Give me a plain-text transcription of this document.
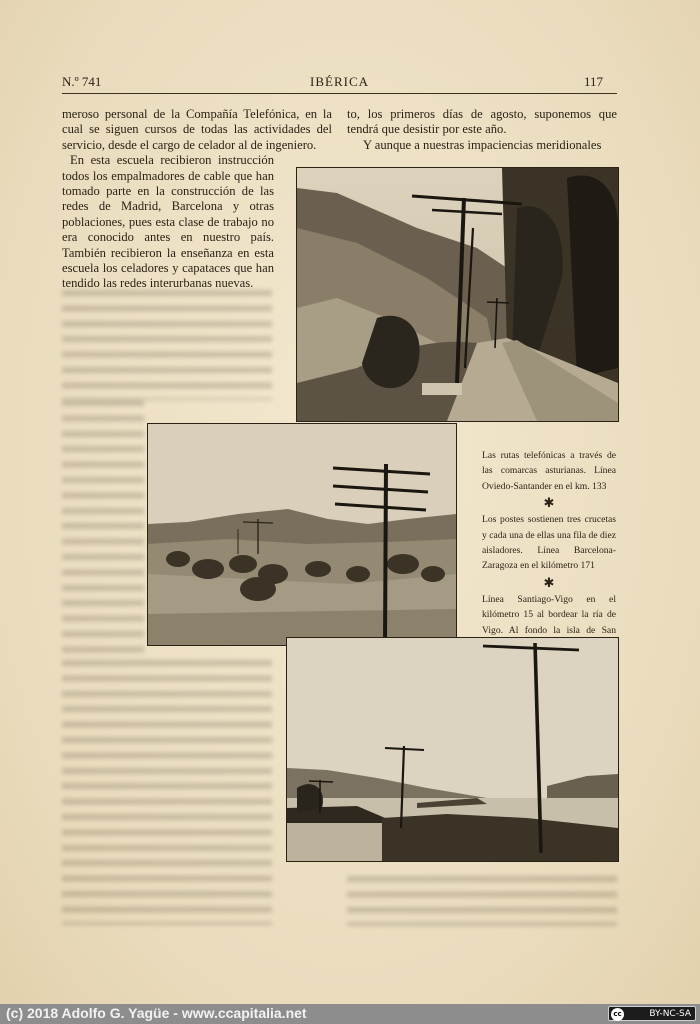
N.º 741	IBÉRICA	117

meroso personal de la Compañía Telefónica, en la cual se siguen cursos de todas las actividades del servicio, desde el cargo de celador al de ingeniero.

En esta escuela recibieron instrucción todos los empalmadores de cable que han tomado parte en la construcción de las redes de Madrid, Barcelona y otras poblaciones, pues esta clase de trabajo no era conocido antes en nuestro país. También recibieron la enseñanza en esta escuela los celadores y capataces que han tendido las redes interurbanas nuevas.

to, los primeros días de agosto, suponemos que tendrá que desistir por este año.

Y aunque a nuestras impaciencias meridionales

Las rutas telefónicas a través de las comarcas asturianas. Línea Oviedo-Santander en el km. 133

✱

Los postes sostienen tres crucetas y cada una de ellas una fila de diez aisladores. Línea Barcelona-Zaragoza en el kilómetro 171

✱

Línea Santiago-Vigo en el kilómetro 15 al bordear la ría de Vigo. Al fondo la isla de San

(c) 2018 Adolfo G. Yagüe - www.ccapitalia.net	cc	BY-NC-SA
